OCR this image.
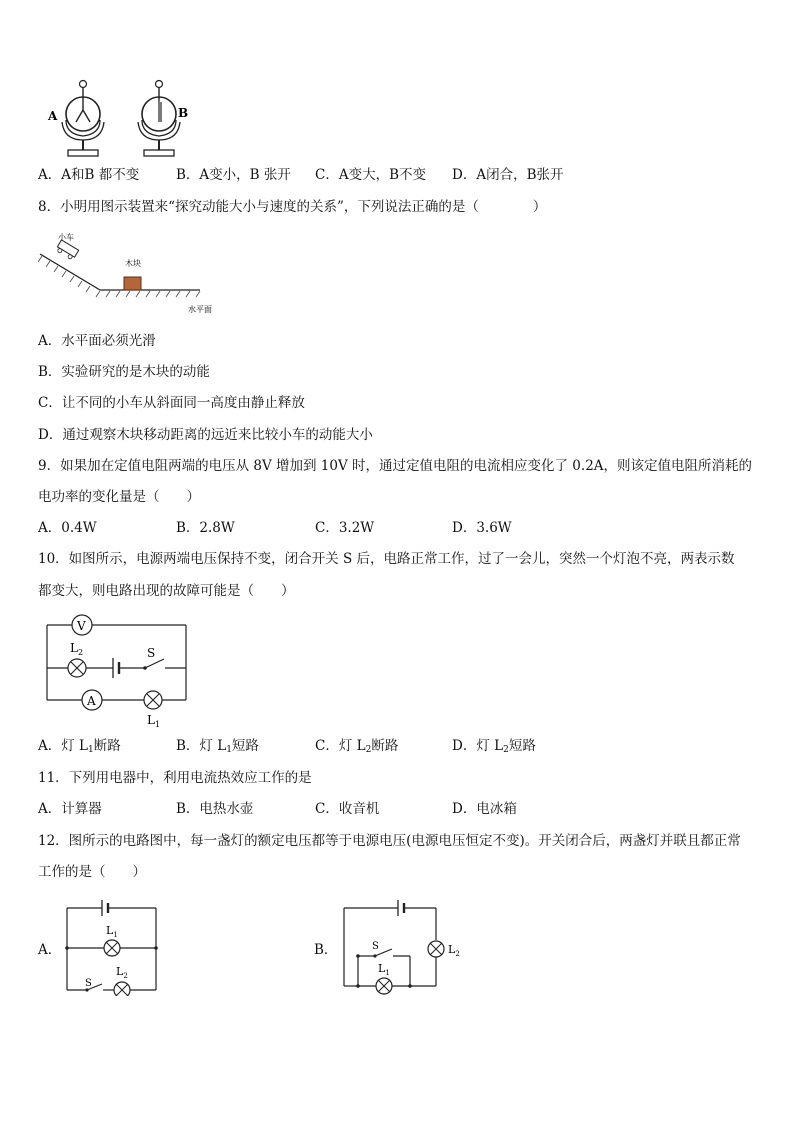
A	B
A．A和B 都不变	B．A变小，B 张开 C．A变大，B不变 D．A闭合，B张开
8．小明用图示装置来“探究动能大小与速度的关系”，下列说法正确的是（　　　　）
小车
木块
水平面
A．水平面必须光滑
B．实验研究的是木块的动能
C．让不同的小车从斜面同一高度由静止释放
D．通过观察木块移动距离的远近来比较小车的动能大小
9．如果加在定值电阻两端的电压从 8V 增加到 10V 时，通过定值电阻的电流相应变化了 0.2A，则该定值电阻所消耗的
电功率的变化量是（　　）
A．0.4W	B．2.8W	C．3.2W	D．3.6W
10．如图所示，电源两端电压保持不变，闭合开关 S 后，电路正常工作，过了一会儿，突然一个灯泡不亮，两表示数
都变大，则电路出现的故障可能是（　　）
V
$L_2$	S
A
$L_1$
A．灯 $L_1$断路	B．灯 $L_1$短路	C．灯 $L_2$断路	D．灯 $L_2$短路
11．下列用电器中，利用电流热效应工作的是
A．计算器	B．电热水壶	C．收音机	D．电冰箱
12．图所示的电路图中，每一盏灯的额定电压都等于电源电压(电源电压恒定不变)。开关闭合后，两盏灯并联且都正常
工作的是（　　）
A．
$L_1$
S
$L_2$
B．	$L_2$
S
$L_1$
